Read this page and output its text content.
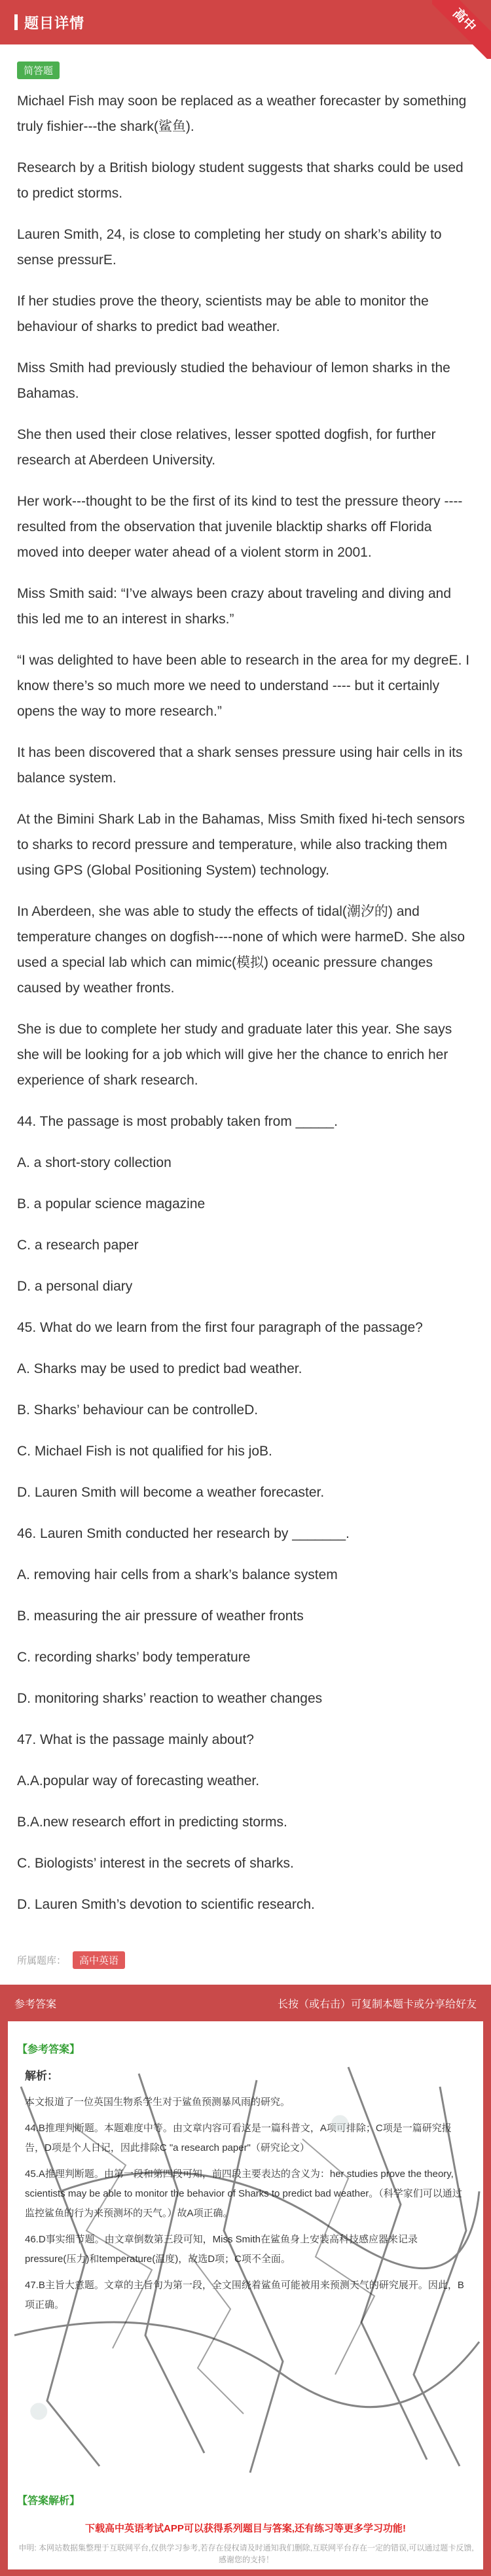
题目详情	高中
简答题

Michael Fish may soon be replaced as a weather forecaster by something truly fishier---the shark(鲨鱼).

Research by a British biology student suggests that sharks could be used to predict storms.

Lauren Smith, 24, is close to completing her study on shark’s ability to sense pressurE.

If her studies prove the theory, scientists may be able to monitor the behaviour of sharks to predict bad weather.

Miss Smith had previously studied the behaviour of lemon sharks in the Bahamas.

She then used their close relatives, lesser spotted dogfish, for further research at Aberdeen University.

Her work---thought to be the first of its kind to test the pressure theory ---- resulted from the observation that juvenile blacktip sharks off Florida moved into deeper water ahead of a violent storm in 2001.

Miss Smith said: “I’ve always been crazy about traveling and diving and this led me to an interest in sharks.”

“I was delighted to have been able to research in the area for my degreE. I know there’s so much more we need to understand ---- but it certainly opens the way to more research.”

It has been discovered that a shark senses pressure using hair cells in its balance system.

At the Bimini Shark Lab in the Bahamas, Miss Smith fixed hi-tech sensors to sharks to record pressure and temperature, while also tracking them using GPS (Global Positioning System) technology.

In Aberdeen, she was able to study the effects of tidal(潮汐的) and temperature changes on dogfish----none of which were harmeD. She also used a special lab which can mimic(模拟) oceanic pressure changes caused by weather fronts.

She is due to complete her study and graduate later this year. She says she will be looking for a job which will give her the chance to enrich her experience of shark research.

44. The passage is most probably taken from _____.

A. a short-story collection

B. a popular science magazine

C. a research paper

D. a personal diary

45. What do we learn from the first four paragraph of the passage?

A. Sharks may be used to predict bad weather.

B. Sharks’ behaviour can be controlleD.

C. Michael Fish is not qualified for his joB.

D. Lauren Smith will become a weather forecaster.

46. Lauren Smith conducted her research by _______.

A. removing hair cells from a shark’s balance system

B. measuring the air pressure of weather fronts

C. recording sharks’ body temperature

D. monitoring sharks’ reaction to weather changes

47. What is the passage mainly about?

A.A.popular way of forecasting weather.

B.A.new research effort in predicting storms.

C. Biologists’ interest in the secrets of sharks.

D. Lauren Smith’s devotion to scientific research.

所属题库：	高中英语
参考答案	长按（或右击）可复制本题卡或分享给好友
【参考答案】

解析：

本文报道了一位英国生物系学生对于鲨鱼预测暴风雨的研究。

44.B推理判断题。本题难度中等。由文章内容可看这是一篇科普文，A项可排除；C项是一篇研究报告，D项是个人日记，因此排除C "a research paper"（研究论文）

45.A推理判断题。由第一段和第四段可知，前四段主要表达的含义为：her studies prove the theory, scientists may be able to monitor the behavior of Sharks to predict bad weather。（科学家们可以通过监控鲨鱼的行为来预测坏的天气。）故A项正确。

46.D事实细节题。由文章倒数第三段可知，Miss Smith在鲨鱼身上安装高科技感应器来记录pressure(压力)和temperature(温度)，故选D项；C项不全面。

47.B主旨大意题。文章的主旨句为第一段，全文围绕着鲨鱼可能被用来预测天气的研究展开。因此，B项正确。

●
●
【答案解析】
下载高中英语考试APP可以获得系列题目与答案,还有练习等更多学习功能!
申明: 本网站数据集整理于互联网平台,仅供学习参考,若存在侵权请及时通知我们删除,互联网平台存在一定的错误,可以通过题卡反馈,感谢您的支持！
